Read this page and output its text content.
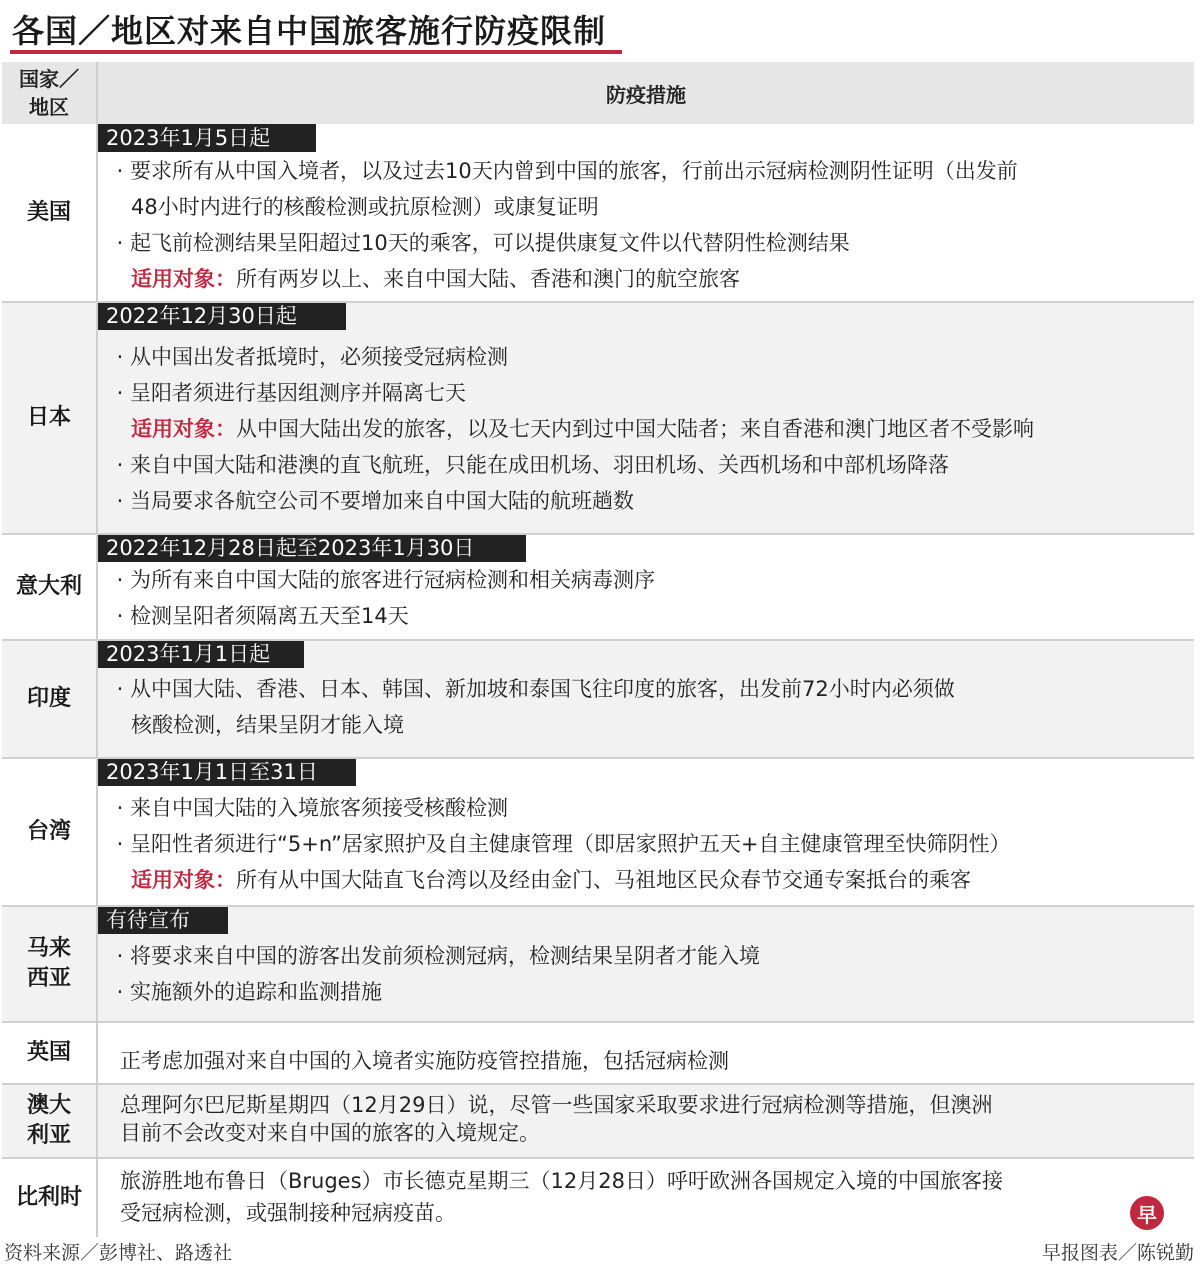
各国／地区对来自中国旅客施行防疫限制
国家／
地区
防疫措施
美国
2023年1月5日起
· 要求所有从中国入境者，以及过去10天内曾到中国的旅客，行前出示冠病检测阴性证明（出发前
48小时内进行的核酸检测或抗原检测）或康复证明
· 起飞前检测结果呈阳超过10天的乘客，可以提供康复文件以代替阴性检测结果
适用对象：所有两岁以上、来自中国大陆、香港和澳门的航空旅客
日本
2022年12月30日起
· 从中国出发者抵境时，必须接受冠病检测
· 呈阳者须进行基因组测序并隔离七天
适用对象：从中国大陆出发的旅客，以及七天内到过中国大陆者；来自香港和澳门地区者不受影响
· 来自中国大陆和港澳的直飞航班，只能在成田机场、羽田机场、关西机场和中部机场降落
· 当局要求各航空公司不要增加来自中国大陆的航班趟数
意大利
2022年12月28日起至2023年1月30日
· 为所有来自中国大陆的旅客进行冠病检测和相关病毒测序
· 检测呈阳者须隔离五天至14天
印度
2023年1月1日起
· 从中国大陆、香港、日本、韩国、新加坡和泰国飞往印度的旅客，出发前72小时内必须做
核酸检测，结果呈阴才能入境
台湾
2023年1月1日至31日
· 来自中国大陆的入境旅客须接受核酸检测
· 呈阳性者须进行“5+n”居家照护及自主健康管理（即居家照护五天+自主健康管理至快筛阴性）
适用对象：所有从中国大陆直飞台湾以及经由金门、马祖地区民众春节交通专案抵台的乘客
马来
西亚
有待宣布
· 将要求来自中国的游客出发前须检测冠病，检测结果呈阴者才能入境
· 实施额外的追踪和监测措施
英国 正考虑加强对来自中国的入境者实施防疫管控措施，包括冠病检测
澳大
利亚
总理阿尔巴尼斯星期四（12月29日）说，尽管一些国家采取要求进行冠病检测等措施，但澳洲
目前不会改变对来自中国的旅客的入境规定。
比利时
旅游胜地布鲁日（Bruges）市长德克星期三（12月28日）呼吁欧洲各国规定入境的中国旅客接
受冠病检测，或强制接种冠病疫苗。	早
资料来源／彭博社、路透社	早报图表／陈锐勤
